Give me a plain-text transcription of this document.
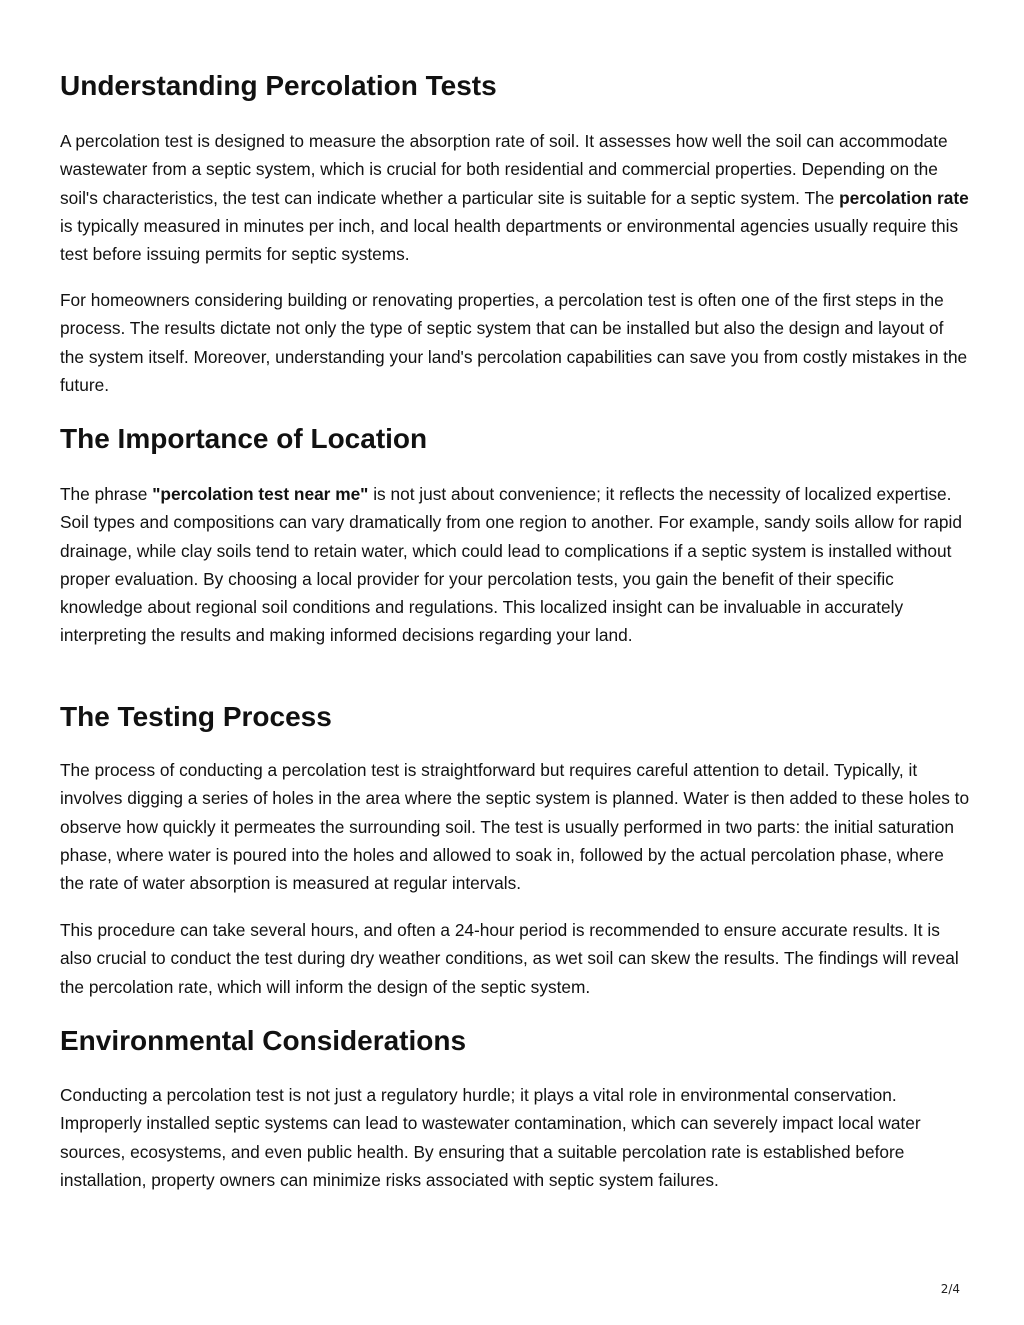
Understanding Percolation Tests

A percolation test is designed to measure the absorption rate of soil. It assesses how well the soil can accommodate wastewater from a septic system, which is crucial for both residential and commercial properties. Depending on the soil's characteristics, the test can indicate whether a particular site is suitable for a septic system. The percolation rate is typically measured in minutes per inch, and local health departments or environmental agencies usually require this test before issuing permits for septic systems.

For homeowners considering building or renovating properties, a percolation test is often one of the first steps in the process. The results dictate not only the type of septic system that can be installed but also the design and layout of the system itself. Moreover, understanding your land's percolation capabilities can save you from costly mistakes in the future.

The Importance of Location

The phrase "percolation test near me" is not just about convenience; it reflects the necessity of localized expertise. Soil types and compositions can vary dramatically from one region to another. For example, sandy soils allow for rapid drainage, while clay soils tend to retain water, which could lead to complications if a septic system is installed without proper evaluation. By choosing a local provider for your percolation tests, you gain the benefit of their specific knowledge about regional soil conditions and regulations. This localized insight can be invaluable in accurately interpreting the results and making informed decisions regarding your land.

The Testing Process

The process of conducting a percolation test is straightforward but requires careful attention to detail. Typically, it involves digging a series of holes in the area where the septic system is planned. Water is then added to these holes to observe how quickly it permeates the surrounding soil. The test is usually performed in two parts: the initial saturation phase, where water is poured into the holes and allowed to soak in, followed by the actual percolation phase, where the rate of water absorption is measured at regular intervals.

This procedure can take several hours, and often a 24-hour period is recommended to ensure accurate results. It is also crucial to conduct the test during dry weather conditions, as wet soil can skew the results. The findings will reveal the percolation rate, which will inform the design of the septic system.

Environmental Considerations

Conducting a percolation test is not just a regulatory hurdle; it plays a vital role in environmental conservation. Improperly installed septic systems can lead to wastewater contamination, which can severely impact local water sources, ecosystems, and even public health. By ensuring that a suitable percolation rate is established before installation, property owners can minimize risks associated with septic system failures.

2/4
